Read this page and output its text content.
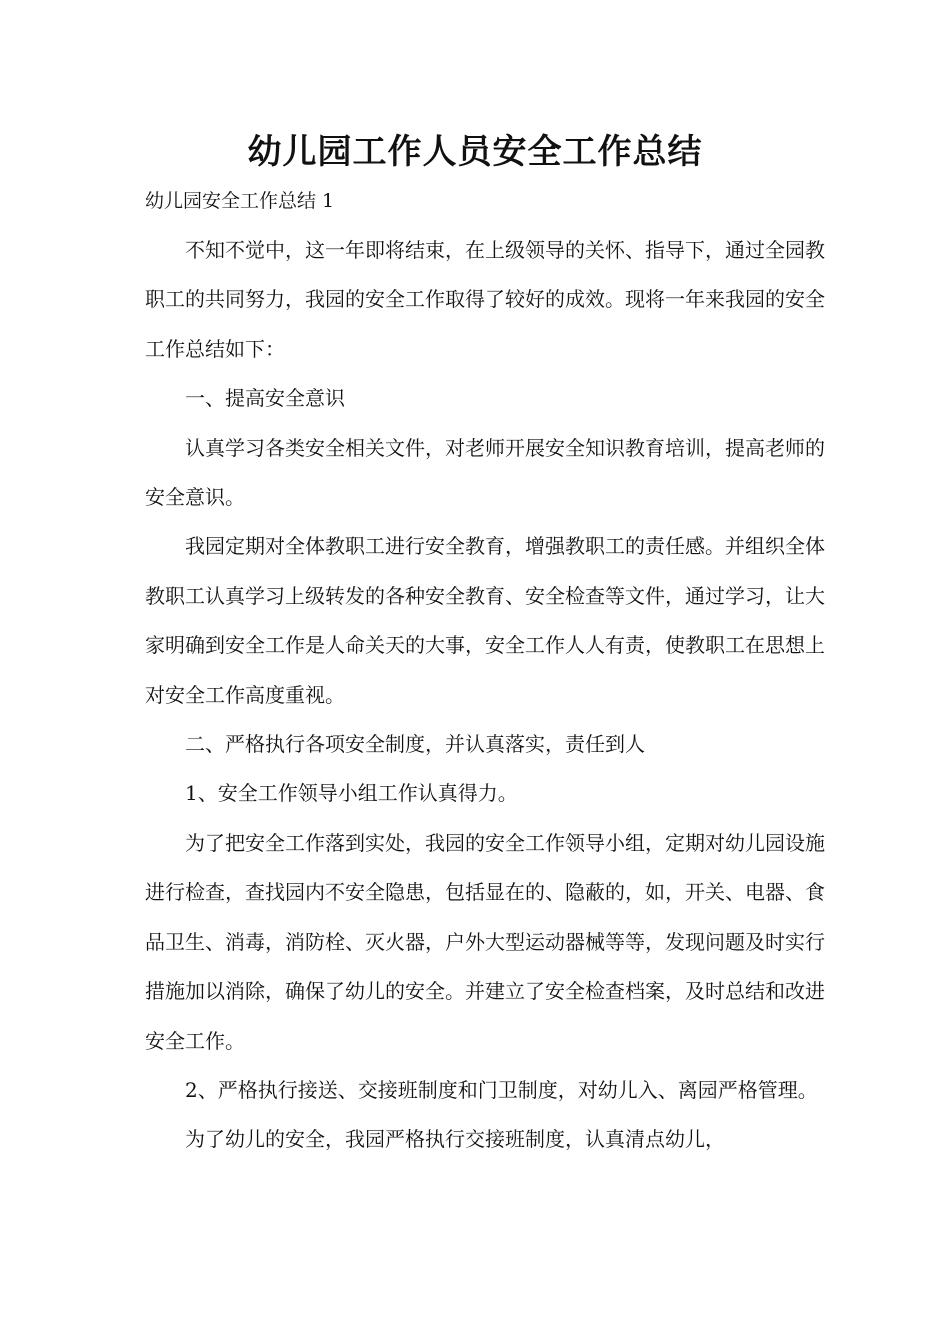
幼儿园工作人员安全工作总结

幼儿园安全工作总结 1

不知不觉中，这一年即将结束，在上级领导的关怀、指导下，通过全园教职工的共同努力，我园的安全工作取得了较好的成效。现将一年来我园的安全工作总结如下：

一、提高安全意识

认真学习各类安全相关文件，对老师开展安全知识教育培训，提高老师的安全意识。

我园定期对全体教职工进行安全教育，增强教职工的责任感。并组织全体教职工认真学习上级转发的各种安全教育、安全检查等文件，通过学习，让大家明确到安全工作是人命关天的大事，安全工作人人有责，使教职工在思想上对安全工作高度重视。

二、严格执行各项安全制度，并认真落实，责任到人

1、安全工作领导小组工作认真得力。

为了把安全工作落到实处，我园的安全工作领导小组，定期对幼儿园设施进行检查，查找园内不安全隐患，包括显在的、隐蔽的，如，开关、电器、食品卫生、消毒，消防栓、灭火器，户外大型运动器械等等，发现问题及时实行措施加以消除，确保了幼儿的安全。并建立了安全检查档案，及时总结和改进安全工作。

2、严格执行接送、交接班制度和门卫制度，对幼儿入、离园严格管理。

为了幼儿的安全，我园严格执行交接班制度，认真清点幼儿，
